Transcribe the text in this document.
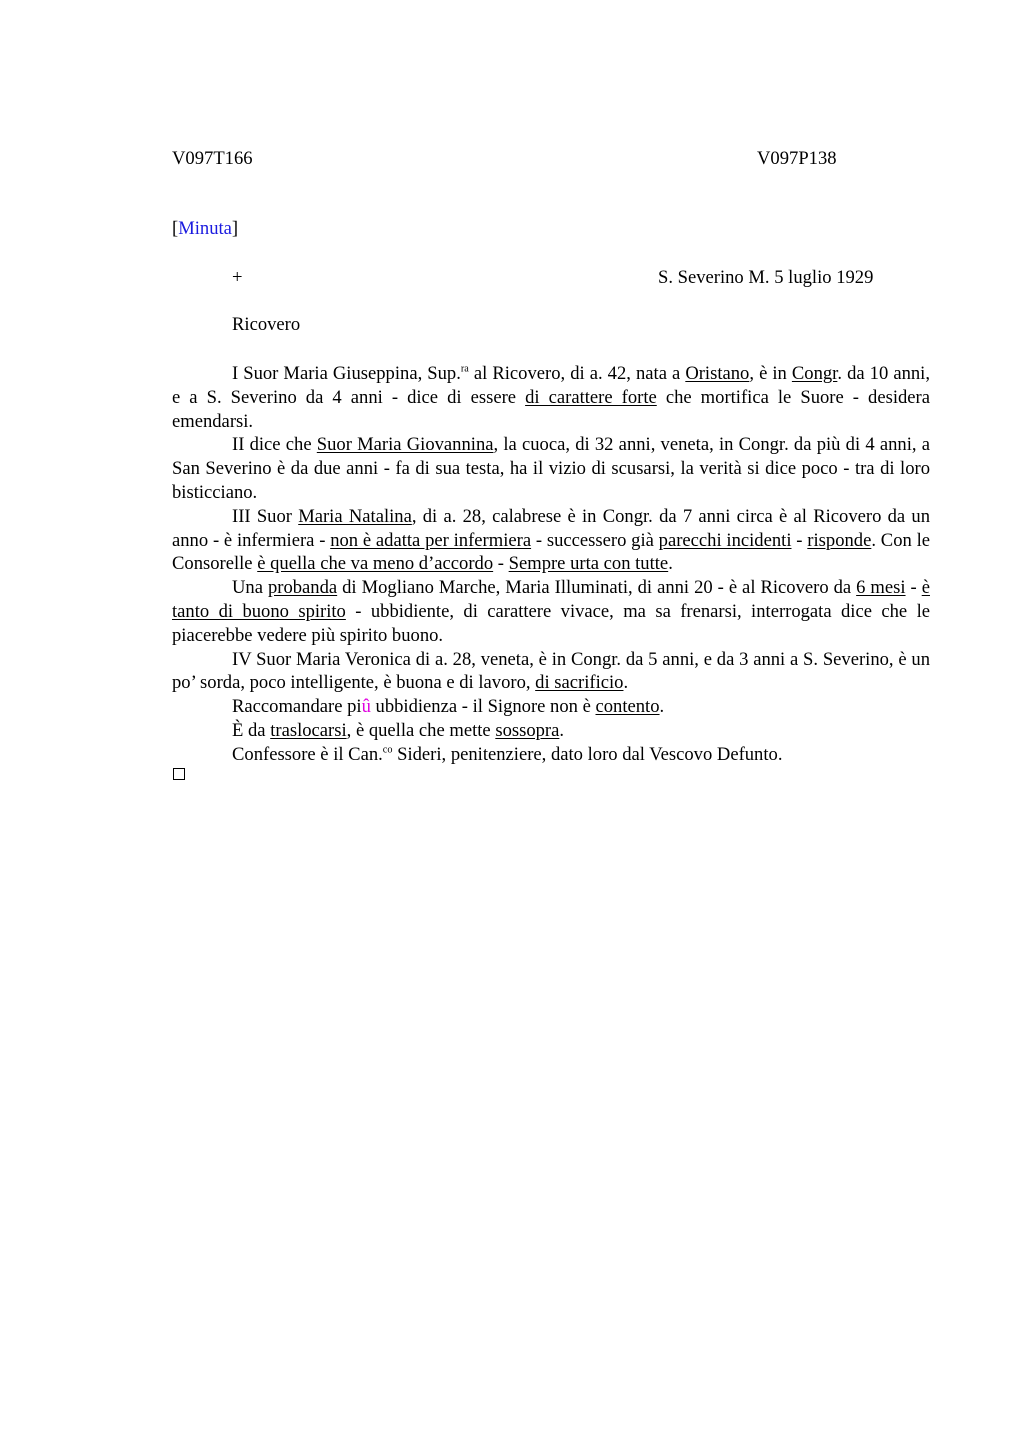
V097T166	V097P138
[Minuta]
+	S. Severino M. 5 luglio 1929
Ricovero

I Suor Maria Giuseppina, Sup.$^{ra}$ al Ricovero, di a. 42, nata a Oristano, è in Congr. da 10 anni, e a S. Severino da 4 anni - dice di essere di carattere forte che mortifica le Suore - desidera emendarsi.

II dice che Suor Maria Giovannina, la cuoca, di 32 anni, veneta, in Congr. da più di 4 anni, a San Severino è da due anni - fa di sua testa, ha il vizio di scusarsi, la verità si dice poco - tra di loro bisticciano.

III Suor Maria Natalina, di a. 28, calabrese è in Congr. da 7 anni circa è al Ricovero da un anno - è infermiera - non è adatta per infermiera - successero già parecchi incidenti - risponde. Con le Consorelle è quella che va meno d’accordo - Sempre urta con tutte.

Una probanda di Mogliano Marche, Maria Illuminati, di anni 20 - è al Ricovero da 6 mesi - è tanto di buono spirito - ubbidiente, di carattere vivace, ma sa frenarsi, interrogata dice che le piacerebbe vedere più spirito buono.

IV Suor Maria Veronica di a. 28, veneta, è in Congr. da 5 anni, e da 3 anni a S. Severino, è un po’ sorda, poco intelligente, è buona e di lavoro, di sacrificio.

Raccomandare piû ubbidienza - il Signore non è contento.

È da traslocarsi, è quella che mette sossopra.

Confessore è il Can.$^{co}$ Sideri, penitenziere, dato loro dal Vescovo Defunto.
